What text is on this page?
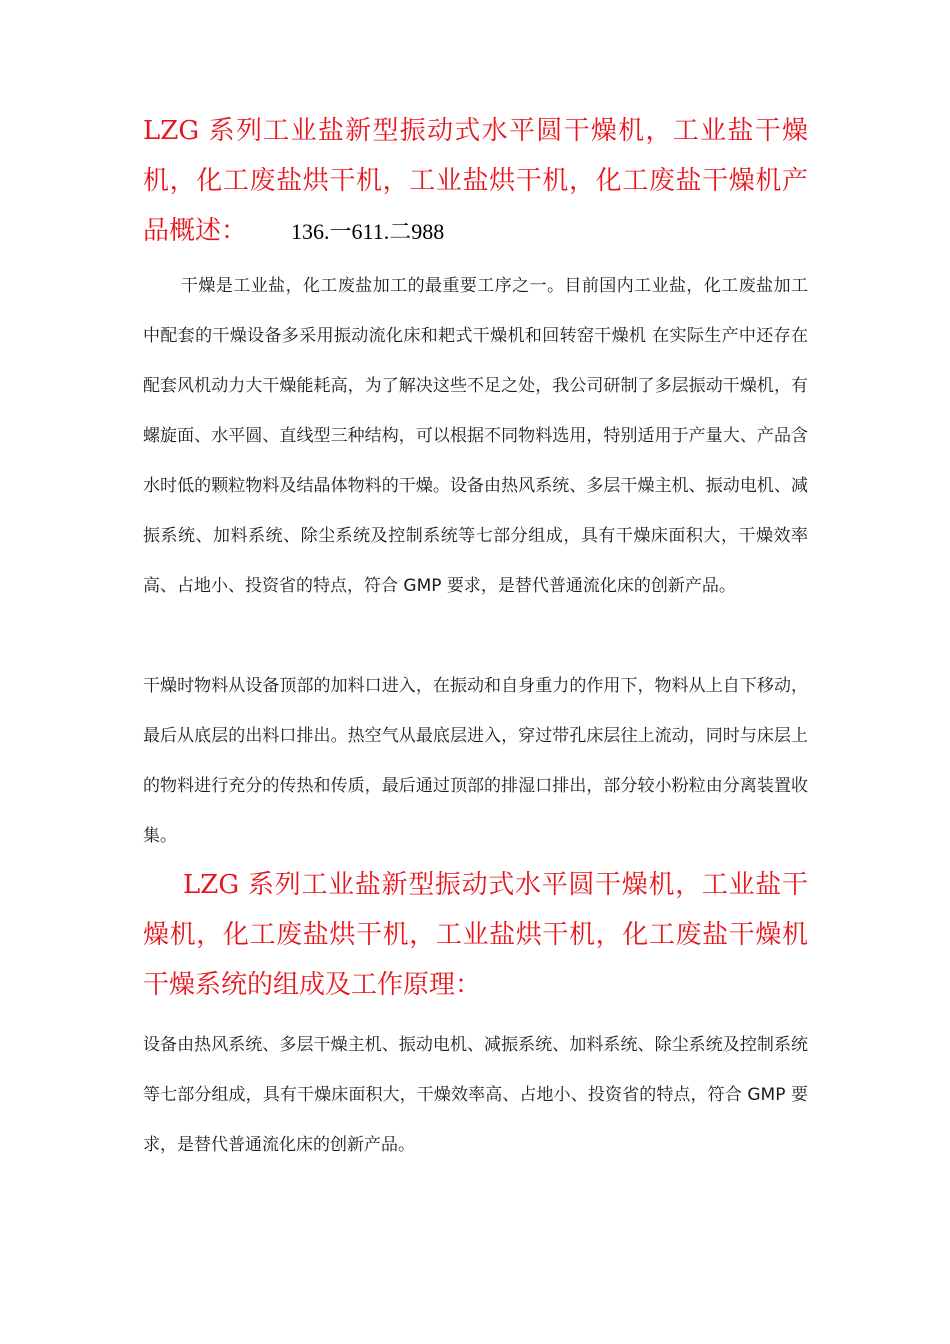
LZG 系列工业盐新型振动式水平圆干燥机，工业盐干燥机，化工废盐烘干机，工业盐烘干机，化工废盐干燥机产品概述： 136.一611.二988

干燥是工业盐，化工废盐加工的最重要工序之一。目前国内工业盐，化工废盐加工中配套的干燥设备多采用振动流化床和耙式干燥机和回转窑干燥机 在实际生产中还存在配套风机动力大干燥能耗高，为了解决这些不足之处，我公司研制了多层振动干燥机，有螺旋面、水平圆、直线型三种结构，可以根据不同物料选用，特别适用于产量大、产品含水时低的颗粒物料及结晶体物料的干燥。设备由热风系统、多层干燥主机、振动电机、减振系统、加料系统、除尘系统及控制系统等七部分组成，具有干燥床面积大，干燥效率高、占地小、投资省的特点，符合 GMP 要求，是替代普通流化床的创新产品。

干燥时物料从设备顶部的加料口进入，在振动和自身重力的作用下，物料从上自下移动，最后从底层的出料口排出。热空气从最底层进入，穿过带孔床层往上流动，同时与床层上的物料进行充分的传热和传质，最后通过顶部的排湿口排出，部分较小粉粒由分离装置收集。

LZG 系列工业盐新型振动式水平圆干燥机，工业盐干燥机，化工废盐烘干机，工业盐烘干机，化工废盐干燥机干燥系统的组成及工作原理：

设备由热风系统、多层干燥主机、振动电机、减振系统、加料系统、除尘系统及控制系统等七部分组成，具有干燥床面积大，干燥效率高、占地小、投资省的特点，符合 GMP 要求，是替代普通流化床的创新产品。
